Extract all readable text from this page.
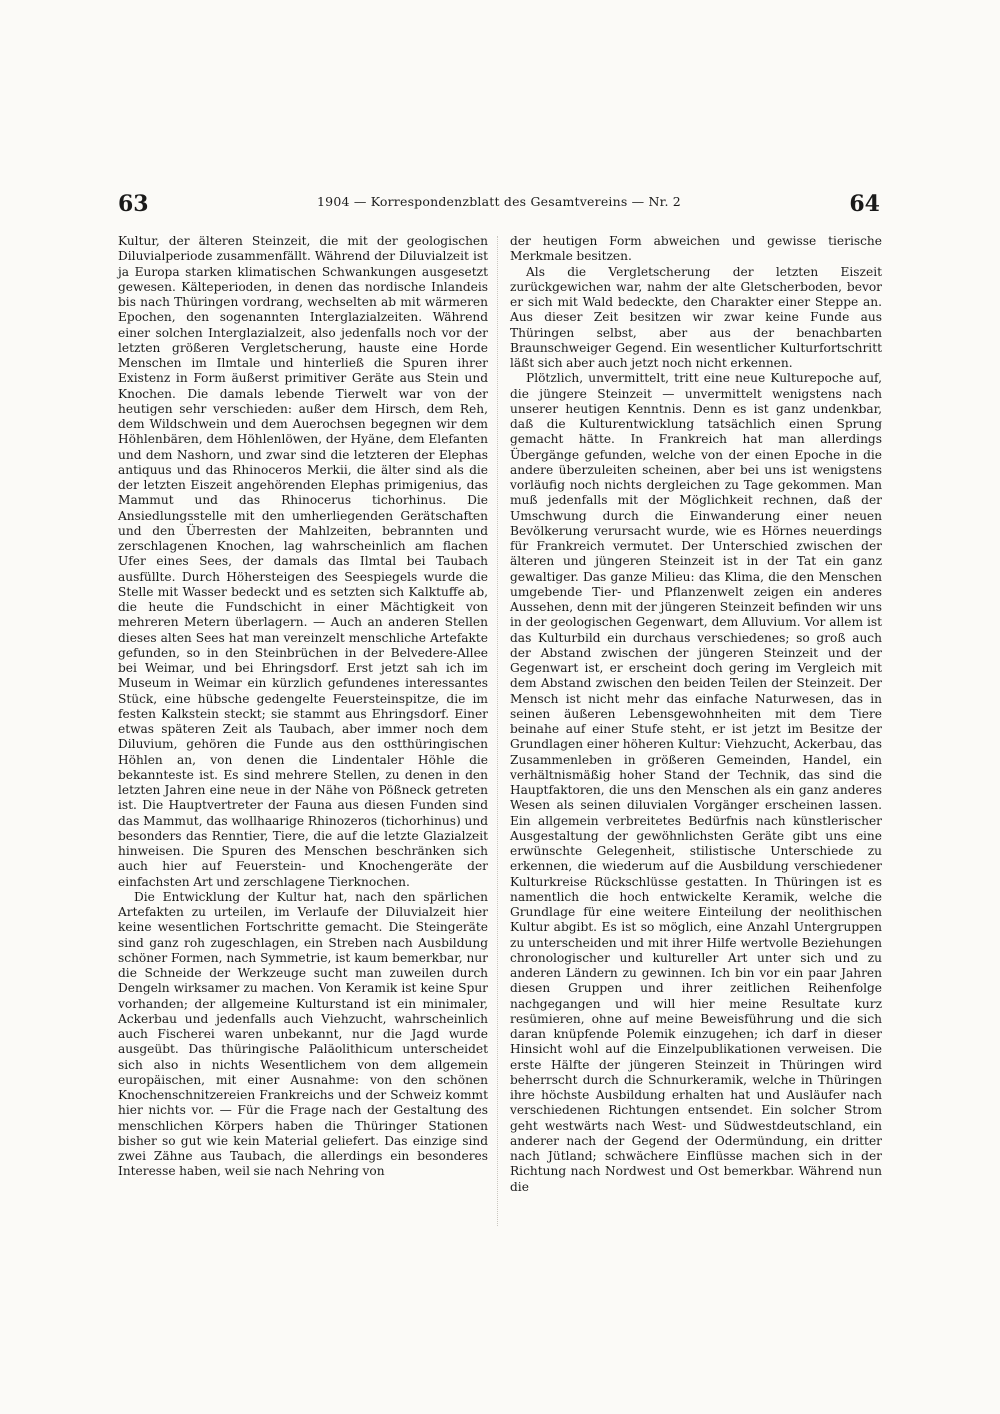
63	1904 — Korrespondenzblatt des Gesamtvereins — Nr. 2	64

Kultur, der älteren Steinzeit, die mit der geologischen Diluvialperiode zusammenfällt. Während der Diluvialzeit ist ja Europa starken klimatischen Schwankungen ausgesetzt gewesen. Kälteperioden, in denen das nordische Inlandeis bis nach Thüringen vordrang, wechselten ab mit wärmeren Epochen, den sogenannten Interglazialzeiten. Während einer solchen Interglazialzeit, also jedenfalls noch vor der letzten größeren Vergletscherung, hauste eine Horde Menschen im Ilmtale und hinterließ die Spuren ihrer Existenz in Form äußerst primitiver Geräte aus Stein und Knochen. Die damals lebende Tierwelt war von der heutigen sehr verschieden: außer dem Hirsch, dem Reh, dem Wildschwein und dem Auerochsen begegnen wir dem Höhlenbären, dem Höhlenlöwen, der Hyäne, dem Elefanten und dem Nashorn, und zwar sind die letzteren der Elephas antiquus und das Rhinoceros Merkii, die älter sind als die der letzten Eiszeit angehörenden Elephas primigenius, das Mammut und das Rhinocerus tichorhinus. Die Ansiedlungsstelle mit den umherliegenden Gerätschaften und den Überresten der Mahlzeiten, bebrannten und zerschlagenen Knochen, lag wahrscheinlich am flachen Ufer eines Sees, der damals das Ilmtal bei Taubach ausfüllte. Durch Höhersteigen des Seespiegels wurde die Stelle mit Wasser bedeckt und es setzten sich Kalktuffe ab, die heute die Fundschicht in einer Mächtigkeit von mehreren Metern überlagern. — Auch an anderen Stellen dieses alten Sees hat man vereinzelt menschliche Artefakte gefunden, so in den Steinbrüchen in der Belvedere-Allee bei Weimar, und bei Ehringsdorf. Erst jetzt sah ich im Museum in Weimar ein kürzlich gefundenes interessantes Stück, eine hübsche gedengelte Feuersteinspitze, die im festen Kalkstein steckt; sie stammt aus Ehringsdorf. Einer etwas späteren Zeit als Taubach, aber immer noch dem Diluvium, gehören die Funde aus den ostthüringischen Höhlen an, von denen die Lindentaler Höhle die bekannteste ist. Es sind mehrere Stellen, zu denen in den letzten Jahren eine neue in der Nähe von Pößneck getreten ist. Die Hauptvertreter der Fauna aus diesen Funden sind das Mammut, das wollhaarige Rhinozeros (tichorhinus) und besonders das Renntier, Tiere, die auf die letzte Glazialzeit hinweisen. Die Spuren des Menschen beschränken sich auch hier auf Feuerstein- und Knochengeräte der einfachsten Art und zerschlagene Tierknochen.

Die Entwicklung der Kultur hat, nach den spärlichen Artefakten zu urteilen, im Verlaufe der Diluvialzeit hier keine wesentlichen Fortschritte gemacht. Die Steingeräte sind ganz roh zugeschlagen, ein Streben nach Ausbildung schöner Formen, nach Symmetrie, ist kaum bemerkbar, nur die Schneide der Werkzeuge sucht man zuweilen durch Dengeln wirksamer zu machen. Von Keramik ist keine Spur vorhanden; der allgemeine Kulturstand ist ein minimaler, Ackerbau und jedenfalls auch Viehzucht, wahrscheinlich auch Fischerei waren unbekannt, nur die Jagd wurde ausgeübt. Das thüringische Paläolithicum unterscheidet sich also in nichts Wesentlichem von dem allgemein europäischen, mit einer Ausnahme: von den schönen Knochenschnitzereien Frankreichs und der Schweiz kommt hier nichts vor. — Für die Frage nach der Gestaltung des menschlichen Körpers haben die Thüringer Stationen bisher so gut wie kein Material geliefert. Das einzige sind zwei Zähne aus Taubach, die allerdings ein besonderes Interesse haben, weil sie nach Nehring von

der heutigen Form abweichen und gewisse tierische Merkmale besitzen.

Als die Vergletscherung der letzten Eiszeit zurückgewichen war, nahm der alte Gletscherboden, bevor er sich mit Wald bedeckte, den Charakter einer Steppe an. Aus dieser Zeit besitzen wir zwar keine Funde aus Thüringen selbst, aber aus der benachbarten Braunschweiger Gegend. Ein wesentlicher Kulturfortschritt läßt sich aber auch jetzt noch nicht erkennen.

Plötzlich, unvermittelt, tritt eine neue Kulturepoche auf, die jüngere Steinzeit — unvermittelt wenigstens nach unserer heutigen Kenntnis. Denn es ist ganz undenkbar, daß die Kulturentwicklung tatsächlich einen Sprung gemacht hätte. In Frankreich hat man allerdings Übergänge gefunden, welche von der einen Epoche in die andere überzuleiten scheinen, aber bei uns ist wenigstens vorläufig noch nichts dergleichen zu Tage gekommen. Man muß jedenfalls mit der Möglichkeit rechnen, daß der Umschwung durch die Einwanderung einer neuen Bevölkerung verursacht wurde, wie es Hörnes neuerdings für Frankreich vermutet. Der Unterschied zwischen der älteren und jüngeren Steinzeit ist in der Tat ein ganz gewaltiger. Das ganze Milieu: das Klima, die den Menschen umgebende Tier- und Pflanzenwelt zeigen ein anderes Aussehen, denn mit der jüngeren Steinzeit befinden wir uns in der geologischen Gegenwart, dem Alluvium. Vor allem ist das Kulturbild ein durchaus verschiedenes; so groß auch der Abstand zwischen der jüngeren Steinzeit und der Gegenwart ist, er erscheint doch gering im Vergleich mit dem Abstand zwischen den beiden Teilen der Steinzeit. Der Mensch ist nicht mehr das einfache Naturwesen, das in seinen äußeren Lebensgewohnheiten mit dem Tiere beinahe auf einer Stufe steht, er ist jetzt im Besitze der Grundlagen einer höheren Kultur: Viehzucht, Ackerbau, das Zusammenleben in größeren Gemeinden, Handel, ein verhältnismäßig hoher Stand der Technik, das sind die Hauptfaktoren, die uns den Menschen als ein ganz anderes Wesen als seinen diluvialen Vorgänger erscheinen lassen. Ein allgemein verbreitetes Bedürfnis nach künstlerischer Ausgestaltung der gewöhnlichsten Geräte gibt uns eine erwünschte Gelegenheit, stilistische Unterschiede zu erkennen, die wiederum auf die Ausbildung verschiedener Kulturkreise Rückschlüsse gestatten. In Thüringen ist es namentlich die hoch entwickelte Keramik, welche die Grundlage für eine weitere Einteilung der neolithischen Kultur abgibt. Es ist so möglich, eine Anzahl Untergruppen zu unterscheiden und mit ihrer Hilfe wertvolle Beziehungen chronologischer und kultureller Art unter sich und zu anderen Ländern zu gewinnen. Ich bin vor ein paar Jahren diesen Gruppen und ihrer zeitlichen Reihenfolge nachgegangen und will hier meine Resultate kurz resümieren, ohne auf meine Beweisführung und die sich daran knüpfende Polemik einzugehen; ich darf in dieser Hinsicht wohl auf die Einzelpublikationen verweisen. Die erste Hälfte der jüngeren Steinzeit in Thüringen wird beherrscht durch die Schnurkeramik, welche in Thüringen ihre höchste Ausbildung erhalten hat und Ausläufer nach verschiedenen Richtungen entsendet. Ein solcher Strom geht westwärts nach West- und Südwestdeutschland, ein anderer nach der Gegend der Odermündung, ein dritter nach Jütland; schwächere Einflüsse machen sich in der Richtung nach Nordwest und Ost bemerkbar. Während nun die
